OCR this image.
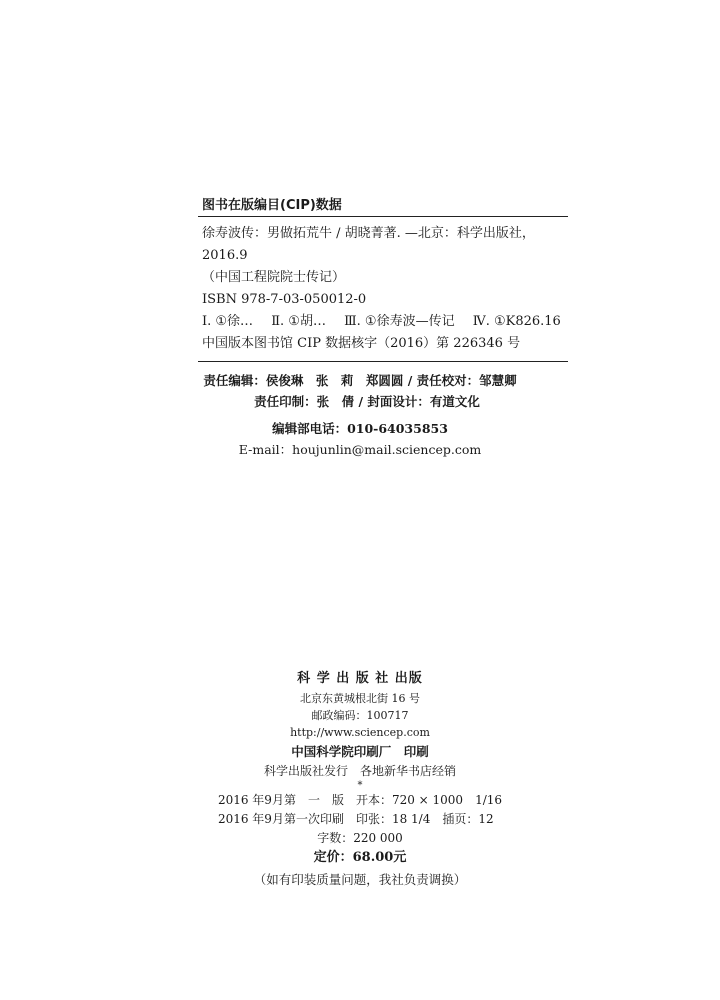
图书在版编目(CIP)数据
徐寿波传：男做拓荒牛 / 胡晓菁著. —北京：科学出版社，
2016.9
（中国工程院院士传记）
ISBN 978-7-03-050012-0
Ⅰ. ①徐… Ⅱ. ①胡… Ⅲ. ①徐寿波—传记 Ⅳ. ①K826.16
中国版本图书馆 CIP 数据核字（2016）第 226346 号
责任编辑：侯俊琳　张　莉　郑圆圆 / 责任校对：邹慧卿
责任印制：张　倩 / 封面设计：有道文化
编辑部电话：010-64035853
E-mail：houjunlin@mail.sciencep.com
科 学 出 版 社 出版
北京东黄城根北街 16 号
邮政编码：100717
http://www.sciencep.com
中国科学院印刷厂　印刷
科学出版社发行　各地新华书店经销
*
2016 年9月第　一　版　开本：720 × 1000　1/16
2016 年9月第一次印刷　印张：18 1/4　插页：12
字数：220 000
定价：68.00元
（如有印装质量问题，我社负责调换）
